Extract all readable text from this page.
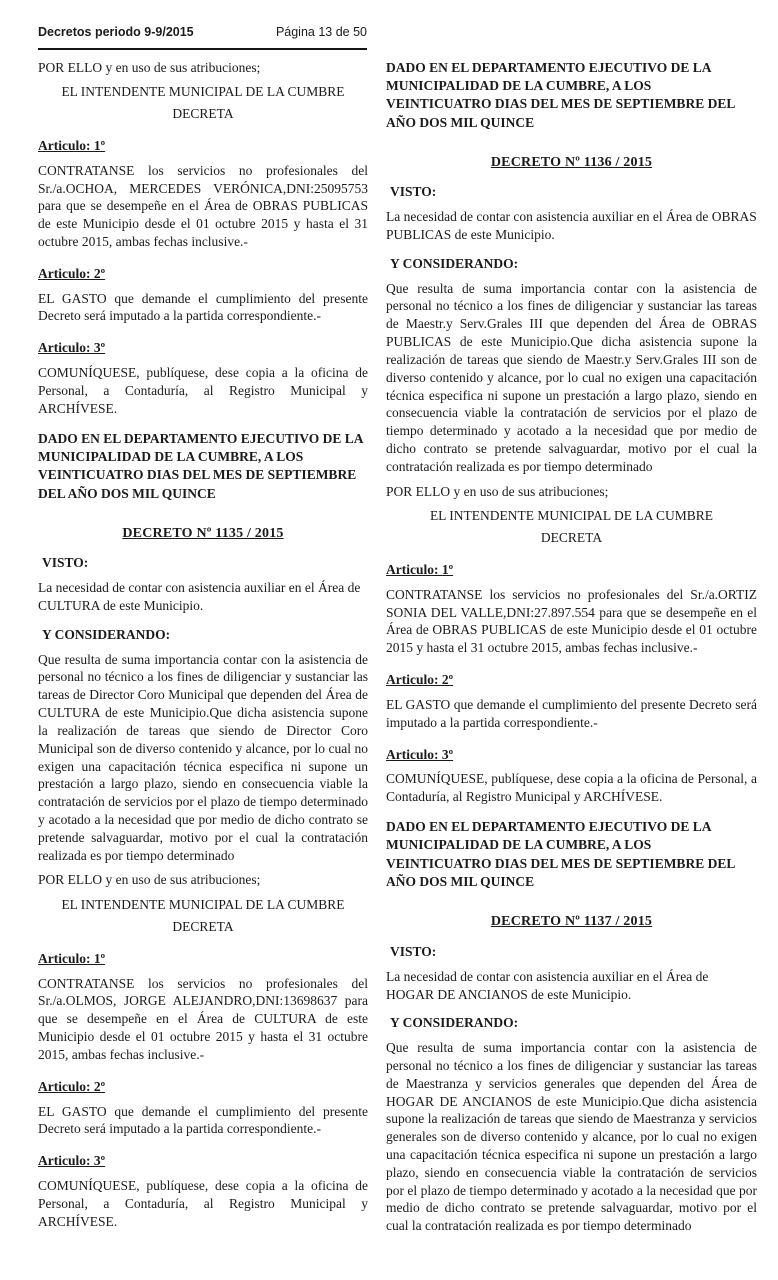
Decretos periodo 9-9/2015	Página 13 de 50

POR ELLO y en uso de sus atribuciones;

EL INTENDENTE MUNICIPAL DE LA CUMBRE

DECRETA

Articulo: 1º

CONTRATANSE los servicios no profesionales del Sr./a.OCHOA, MERCEDES VERÓNICA,DNI:25095753 para que se desempeñe en el Área de OBRAS PUBLICAS de este Municipio desde el 01 octubre 2015 y hasta el 31 octubre 2015, ambas fechas inclusive.-

Articulo: 2º

EL GASTO que demande el cumplimiento del presente Decreto será imputado a la partida correspondiente.-

Articulo: 3º

COMUNÍQUESE, publíquese, dese copia a la oficina de Personal, a Contaduría, al Registro Municipal y ARCHÍVESE.

DADO EN EL DEPARTAMENTO EJECUTIVO DE LA MUNICIPALIDAD DE LA CUMBRE, A LOS VEINTICUATRO DIAS DEL MES DE SEPTIEMBRE DEL AÑO DOS MIL QUINCE

DECRETO Nº 1135 / 2015

VISTO:

La necesidad de contar con asistencia auxiliar en el Área de CULTURA de este Municipio.

Y CONSIDERANDO:

Que resulta de suma importancia contar con la asistencia de personal no técnico a los fines de diligenciar y sustanciar las tareas de Director Coro Municipal que dependen del Área de CULTURA de este Municipio.Que dicha asistencia supone la realización de tareas que siendo de Director Coro Municipal son de diverso contenido y alcance, por lo cual no exigen una capacitación técnica especifica ni supone un prestación a largo plazo, siendo en consecuencia viable la contratación de servicios por el plazo de tiempo determinado y acotado a la necesidad que por medio de dicho contrato se pretende salvaguardar, motivo por el cual la contratación realizada es por tiempo determinado

POR ELLO y en uso de sus atribuciones;

EL INTENDENTE MUNICIPAL DE LA CUMBRE

DECRETA

Articulo: 1º

CONTRATANSE los servicios no profesionales del Sr./a.OLMOS, JORGE ALEJANDRO,DNI:13698637 para que se desempeñe en el Área de CULTURA de este Municipio desde el 01 octubre 2015 y hasta el 31 octubre 2015, ambas fechas inclusive.-

Articulo: 2º

EL GASTO que demande el cumplimiento del presente Decreto será imputado a la partida correspondiente.-

Articulo: 3º

COMUNÍQUESE, publíquese, dese copia a la oficina de Personal, a Contaduría, al Registro Municipal y ARCHÍVESE.

DADO EN EL DEPARTAMENTO EJECUTIVO DE LA MUNICIPALIDAD DE LA CUMBRE, A LOS VEINTICUATRO DIAS DEL MES DE SEPTIEMBRE DEL AÑO DOS MIL QUINCE

DECRETO Nº 1136 / 2015

VISTO:

La necesidad de contar con asistencia auxiliar en el Área de OBRAS PUBLICAS de este Municipio.

Y CONSIDERANDO:

Que resulta de suma importancia contar con la asistencia de personal no técnico a los fines de diligenciar y sustanciar las tareas de Maestr.y Serv.Grales III que dependen del Área de OBRAS PUBLICAS de este Municipio.Que dicha asistencia supone la realización de tareas que siendo de Maestr.y Serv.Grales III son de diverso contenido y alcance, por lo cual no exigen una capacitación técnica especifica ni supone un prestación a largo plazo, siendo en consecuencia viable la contratación de servicios por el plazo de tiempo determinado y acotado a la necesidad que por medio de dicho contrato se pretende salvaguardar, motivo por el cual la contratación realizada es por tiempo determinado

POR ELLO y en uso de sus atribuciones;

EL INTENDENTE MUNICIPAL DE LA CUMBRE

DECRETA

Articulo: 1º

CONTRATANSE los servicios no profesionales del Sr./a.ORTIZ SONIA DEL VALLE,DNI:27.897.554 para que se desempeñe en el Área de OBRAS PUBLICAS de este Municipio desde el 01 octubre 2015 y hasta el 31 octubre 2015, ambas fechas inclusive.-

Articulo: 2º

EL GASTO que demande el cumplimiento del presente Decreto será imputado a la partida correspondiente.-

Articulo: 3º

COMUNÍQUESE, publíquese, dese copia a la oficina de Personal, a Contaduría, al Registro Municipal y ARCHÍVESE.

DADO EN EL DEPARTAMENTO EJECUTIVO DE LA MUNICIPALIDAD DE LA CUMBRE, A LOS VEINTICUATRO DIAS DEL MES DE SEPTIEMBRE DEL AÑO DOS MIL QUINCE

DECRETO Nº 1137 / 2015

VISTO:

La necesidad de contar con asistencia auxiliar en el Área de HOGAR DE ANCIANOS de este Municipio.

Y CONSIDERANDO:

Que resulta de suma importancia contar con la asistencia de personal no técnico a los fines de diligenciar y sustanciar las tareas de Maestranza y servicios generales que dependen del Área de HOGAR DE ANCIANOS de este Municipio.Que dicha asistencia supone la realización de tareas que siendo de Maestranza y servicios generales son de diverso contenido y alcance, por lo cual no exigen una capacitación técnica especifica ni supone un prestación a largo plazo, siendo en consecuencia viable la contratación de servicios por el plazo de tiempo determinado y acotado a la necesidad que por medio de dicho contrato se pretende salvaguardar, motivo por el cual la contratación realizada es por tiempo determinado
